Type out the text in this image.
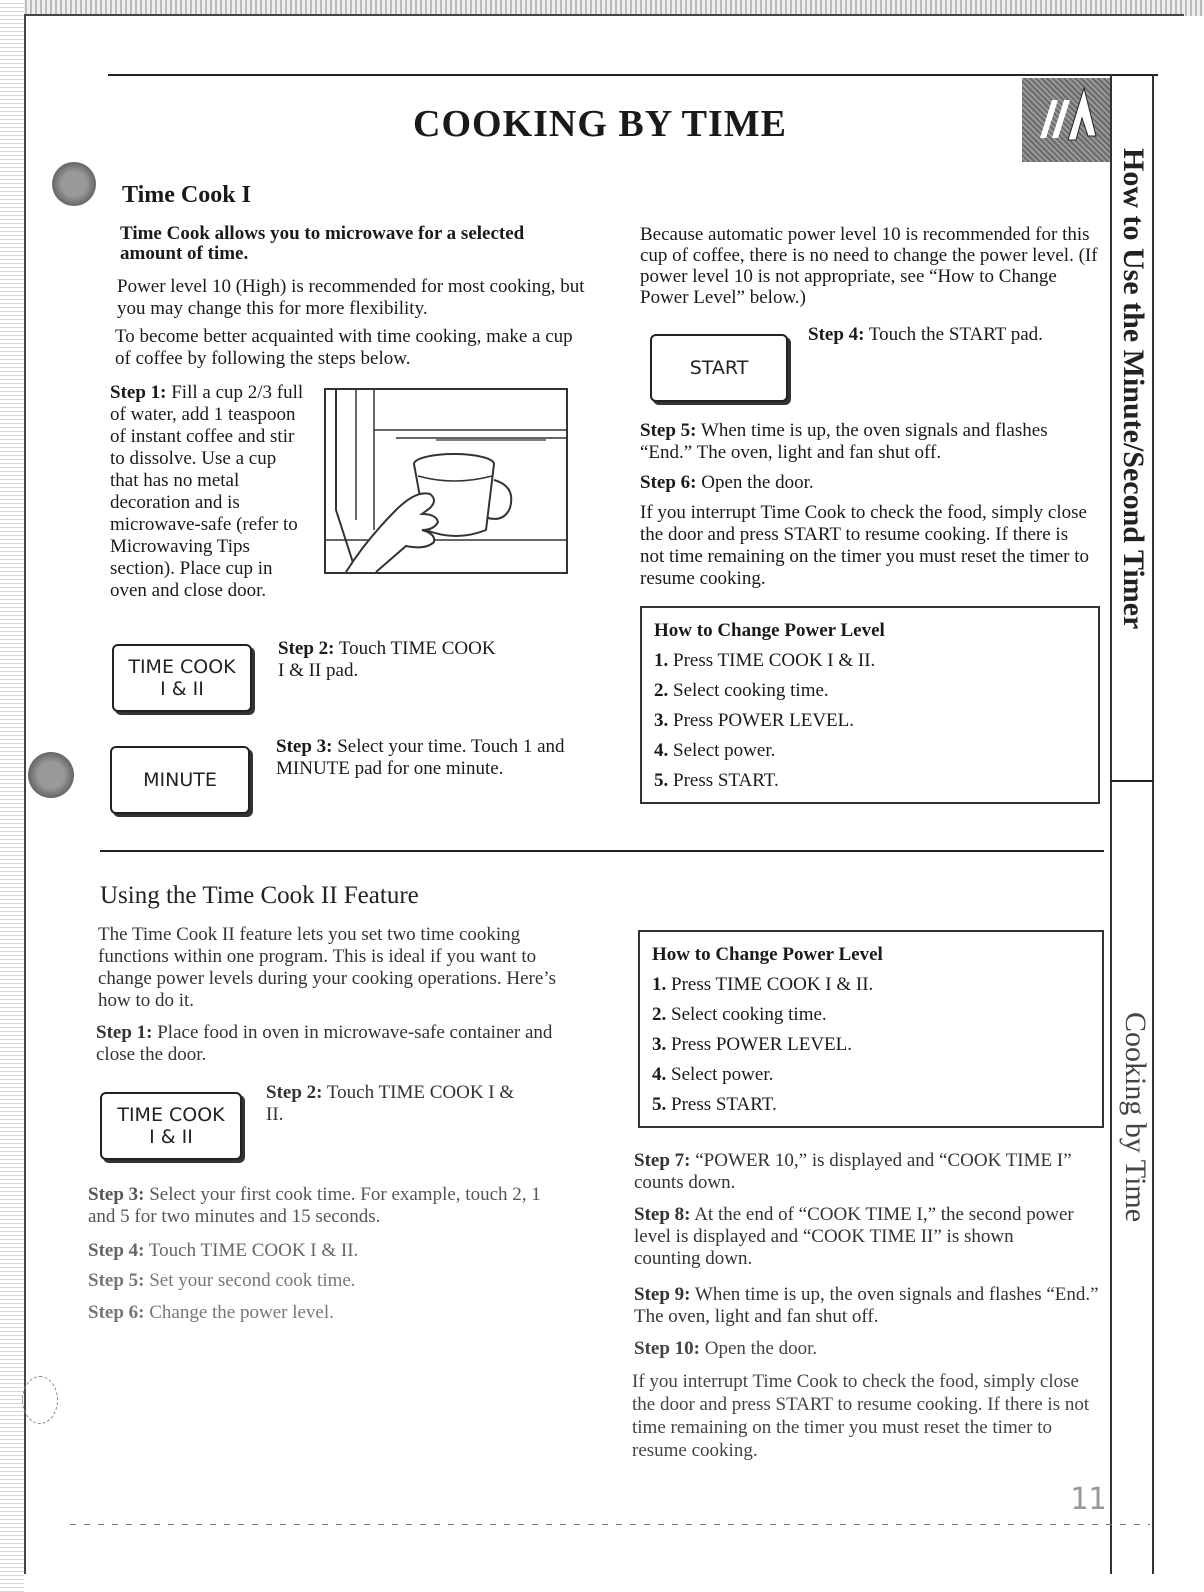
COOKING BY TIME
How to Use the Minute/Second Timer
Cooking by Time
Time Cook I
Time Cook allows you to microwave for a selected amount of time.
Power level 10 (High) is recommended for most cooking, but you may change this for more flexibility.
To become better acquainted with time cooking, make a cup of coffee by following the steps below.
Step 1: Fill a cup 2/3 full of water, add 1 teaspoon of instant coffee and stir to dissolve. Use a cup that has no metal decoration and is microwave-safe (refer to Microwaving Tips section). Place cup in oven and close door.
TIME COOK
I & II
Step 2: Touch TIME COOK I & II pad.
MINUTE
Step 3: Select your time. Touch 1 and MINUTE pad for one minute.
Because automatic power level 10 is recommended for this cup of coffee, there is no need to change the power level. (If power level 10 is not appropriate, see “How to Change Power Level” below.)
START
Step 4: Touch the START pad.
Step 5: When time is up, the oven signals and flashes “End.” The oven, light and fan shut off.
Step 6: Open the door.
If you interrupt Time Cook to check the food, simply close the door and press START to resume cooking. If there is not time remaining on the timer you must reset the timer to resume cooking.
How to Change Power Level
1. Press TIME COOK I & II.
2. Select cooking time.
3. Press POWER LEVEL.
4. Select power.
5. Press START.
Using the Time Cook II Feature
The Time Cook II feature lets you set two time cooking functions within one program. This is ideal if you want to change power levels during your cooking operations. Here’s how to do it.
Step 1: Place food in oven in microwave-safe container and close the door.
TIME COOK
I & II
Step 2: Touch TIME COOK I & II.
Step 3: Select your first cook time. For example, touch 2, 1 and 5 for two minutes and 15 seconds.
Step 4: Touch TIME COOK I & II.
Step 5: Set your second cook time.
Step 6: Change the power level.
How to Change Power Level
1. Press TIME COOK I & II.
2. Select cooking time.
3. Press POWER LEVEL.
4. Select power.
5. Press START.
Step 7: “POWER 10,” is displayed and “COOK TIME I” counts down.
Step 8: At the end of “COOK TIME I,” the second power level is displayed and “COOK TIME II” is shown counting down.
Step 9: When time is up, the oven signals and flashes “End.” The oven, light and fan shut off.
Step 10: Open the door.
If you interrupt Time Cook to check the food, simply close the door and press START to resume cooking. If there is not time remaining on the timer you must reset the timer to resume cooking.
11
